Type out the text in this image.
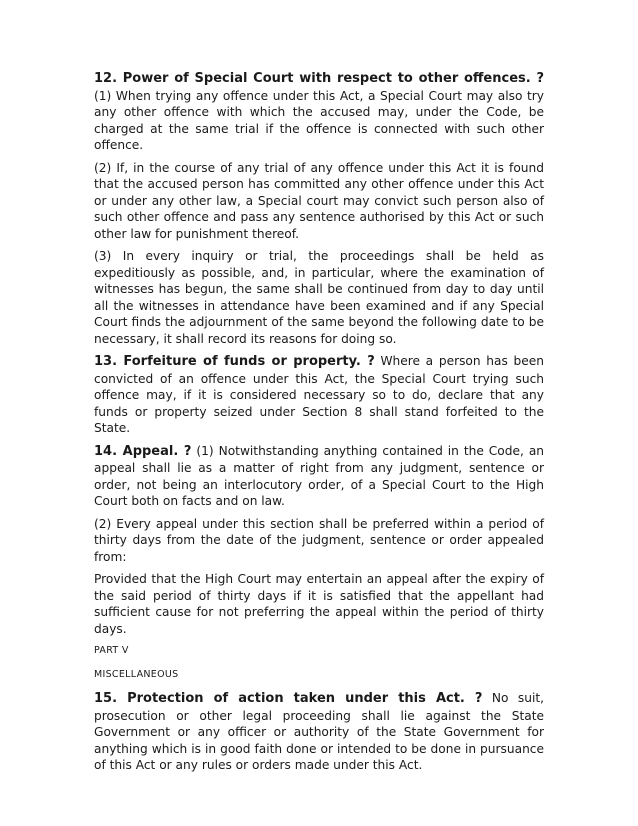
12. Power of Special Court with respect to other offences. ? (1) When trying any offence under this Act, a Special Court may also try any other offence with which the accused may, under the Code, be charged at the same trial if the offence is connected with such other offence.

(2) If, in the course of any trial of any offence under this Act it is found that the accused person has committed any other offence under this Act or under any other law, a Special court may convict such person also of such other offence and pass any sentence authorised by this Act or such other law for punishment thereof.

(3) In every inquiry or trial, the proceedings shall be held as expeditiously as possible, and, in particular, where the examination of witnesses has begun, the same shall be continued from day to day until all the witnesses in attendance have been examined and if any Special Court finds the adjournment of the same beyond the following date to be necessary, it shall record its reasons for doing so.

13. Forfeiture of funds or property. ? Where a person has been convicted of an offence under this Act, the Special Court trying such offence may, if it is considered necessary so to do, declare that any funds or property seized under Section 8 shall stand forfeited to the State.

14. Appeal. ? (1) Notwithstanding anything contained in the Code, an appeal shall lie as a matter of right from any judgment, sentence or order, not being an interlocutory order, of a Special Court to the High Court both on facts and on law.

(2) Every appeal under this section shall be preferred within a period of thirty days from the date of the judgment, sentence or order appealed from:

Provided that the High Court may entertain an appeal after the expiry of the said period of thirty days if it is satisfied that the appellant had sufficient cause for not preferring the appeal within the period of thirty days.

PART V

MISCELLANEOUS

15. Protection of action taken under this Act. ? No suit, prosecution or other legal proceeding shall lie against the State Government or any officer or authority of the State Government for anything which is in good faith done or intended to be done in pursuance of this Act or any rules or orders made under this Act.
